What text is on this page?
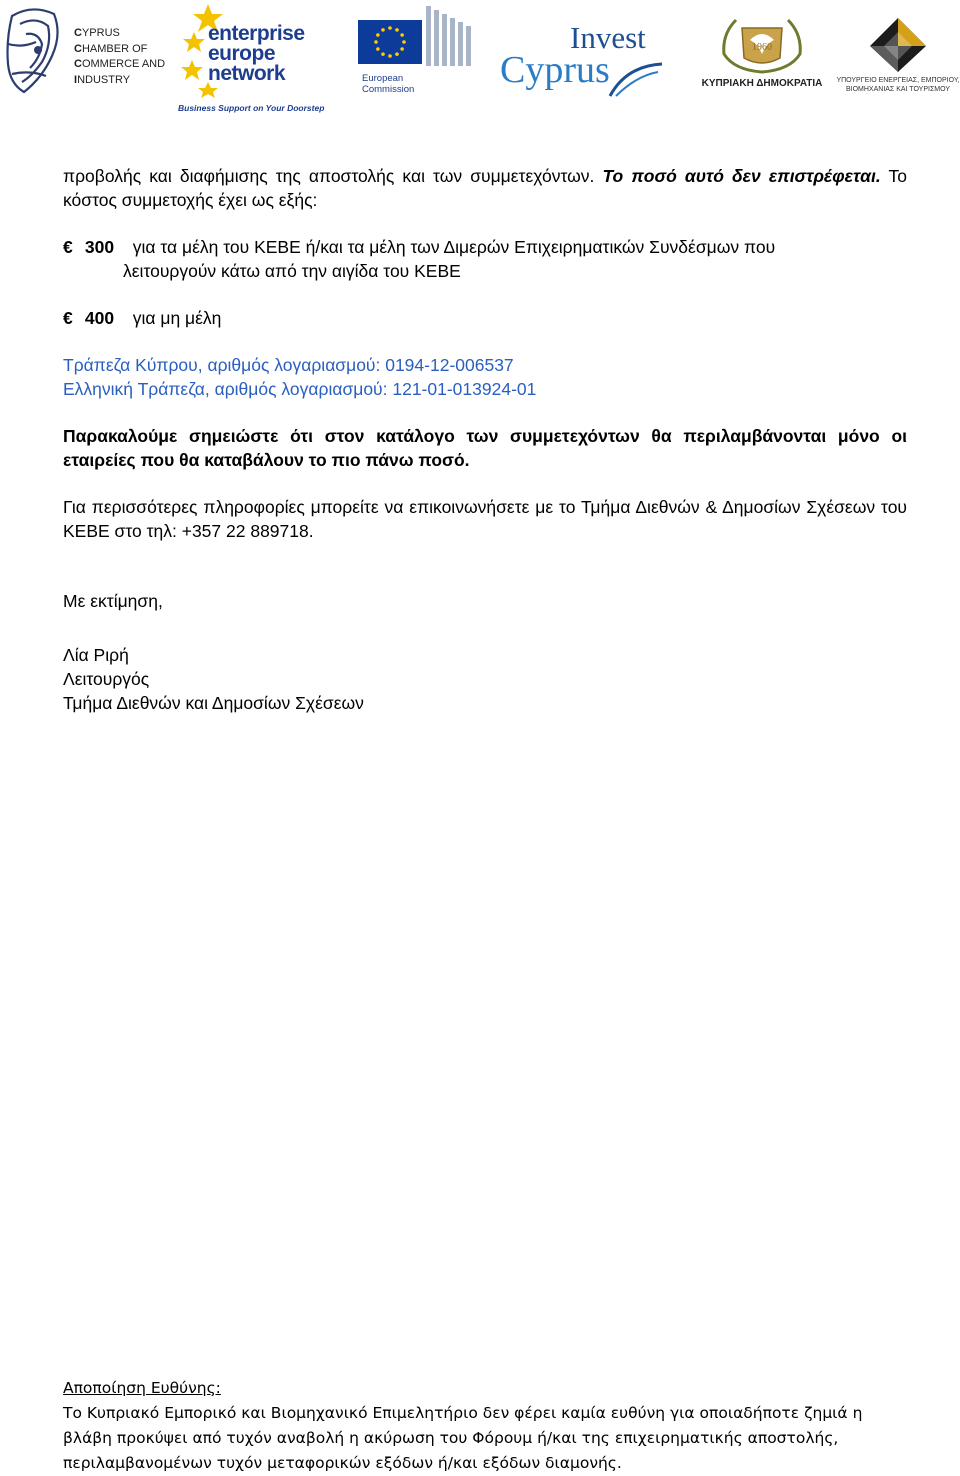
CYPRUS
CHAMBER OF
COMMERCE AND
INDUSTRY
enterprise
europe
network
Business Support on Your Doorstep
European
Commission
Invest
Cyprus
1960
ΚΥΠΡΙΑΚΗ ΔΗΜΟΚΡΑΤΙΑ ΥΠΟΥΡΓΕΙΟ ΕΝΕΡΓΕΙΑΣ, ΕΜΠΟΡΙΟΥ,
ΒΙΟΜΗΧΑΝΙΑΣ ΚΑΙ ΤΟΥΡΙΣΜΟΥ

προβολής και διαφήμισης της αποστολής και των συμμετεχόντων. Το ποσό αυτό δεν επιστρέφεται. Το κόστος συμμετοχής έχει ως εξής:

€ 300 για τα μέλη του ΚΕΒΕ ή/και τα μέλη των Διμερών Επιχειρηματικών Συνδέσμων που
λειτουργούν κάτω από την αιγίδα του ΚΕΒΕ
€ 400 για μη μέλη

Τράπεζα Κύπρου, αριθμός λογαριασμού: 0194-12-006537

Ελληνική Τράπεζα, αριθμός λογαριασμού: 121-01-013924-01

Παρακαλούμε σημειώστε ότι στον κατάλογο των συμμετεχόντων θα περιλαμβάνονται μόνο οι εταιρείες που θα καταβάλουν το πιο πάνω ποσό.

Για περισσότερες πληροφορίες μπορείτε να επικοινωνήσετε με το Τμήμα Διεθνών & Δημοσίων Σχέσεων του ΚΕΒΕ στο τηλ: +357 22 889718.

Με εκτίμηση,

Λία Ριρή

Λειτουργός

Τμήμα Διεθνών και Δημοσίων Σχέσεων

Αποποίηση Ευθύνης:
Το Κυπριακό Εμπορικό και Βιομηχανικό Επιμελητήριο δεν φέρει καμία ευθύνη για οποιαδήποτε ζημιά η βλάβη προκύψει από τυχόν αναβολή η ακύρωση του Φόρουμ ή/και της επιχειρηματικής αποστολής, περιλαμβανομένων τυχόν μεταφορικών εξόδων ή/και εξόδων διαμονής.
